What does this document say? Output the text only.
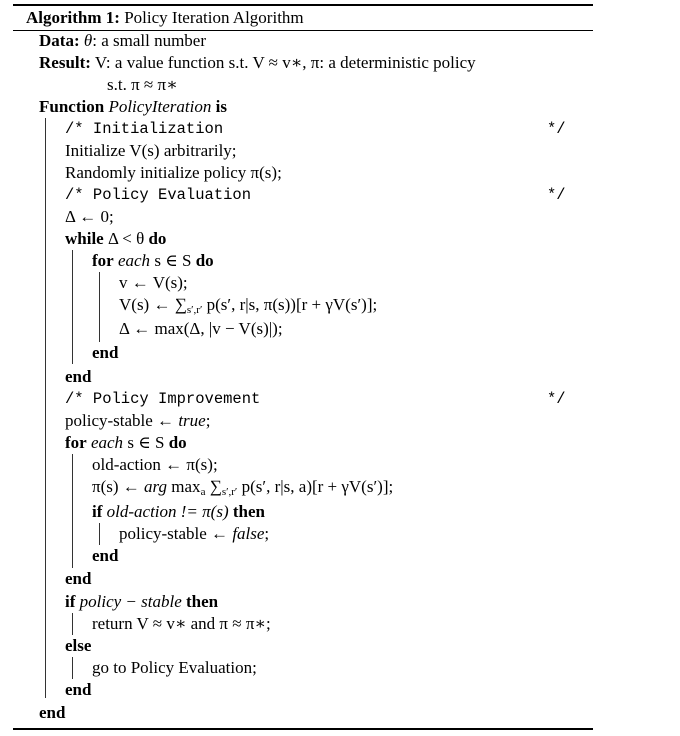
Algorithm 1: Policy Iteration Algorithm
Data: θ: a small number
Result: V: a value function s.t. V ≈ v∗, π: a deterministic policy
s.t. π ≈ π∗
Function PolicyIteration is
/* Initialization	*/
Initialize V(s) arbitrarily;
Randomly initialize policy π(s);
/* Policy Evaluation	*/
Δ ← 0;
while Δ < θ do
for each s ∈ S do
v ← V(s);
V(s) ← $\sum_{s',r'}$ p(s′, r|s, π(s))[r + γV(s′)];
Δ ← max(Δ, |v − V(s)|);
end
end
/* Policy Improvement	*/
policy-stable ← true;
for each s ∈ S do
old-action ← π(s);
π(s) ← arg $\max_a \sum_{s',r'}$ p(s′, r|s, a)[r + γV(s′)];
if old-action != π(s) then
policy-stable ← false;
end
end
if policy − stable then
return V ≈ v∗ and π ≈ π∗;
else
go to Policy Evaluation;
end
end
